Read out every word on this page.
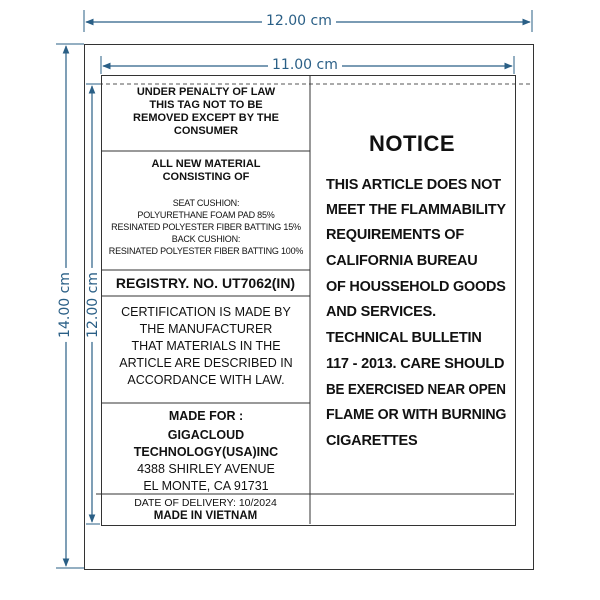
12.00 cm
11.00 cm
14.00 cm 12.00 cm
UNDER PENALTY OF LAW
THIS TAG NOT TO BE
REMOVED EXCEPT BY THE
CONSUMER
ALL NEW MATERIAL
CONSISTING OF
SEAT CUSHION:
POLYURETHANE FOAM PAD 85%
RESINATED POLYESTER FIBER BATTING 15%
BACK CUSHION:
RESINATED POLYESTER FIBER BATTING 100%
REGISTRY. NO. UT7062(IN)
CERTIFICATION IS MADE BY
THE MANUFACTURER
THAT MATERIALS IN THE
ARTICLE ARE DESCRIBED IN
ACCORDANCE WITH LAW.
MADE FOR :
GIGACLOUD
TECHNOLOGY(USA)INC
4388 SHIRLEY AVENUE
EL MONTE, CA 91731
DATE OF DELIVERY: 10/2024
MADE IN VIETNAM
NOTICE
THIS ARTICLE DOES NOT
MEET THE FLAMMABILITY
REQUIREMENTS OF
CALIFORNIA BUREAU
OF HOUSSEHOLD GOODS
AND SERVICES.
TECHNICAL BULLETIN
117 - 2013. CARE SHOULD
BE EXERCISED NEAR OPEN
FLAME OR WITH BURNING
CIGARETTES
